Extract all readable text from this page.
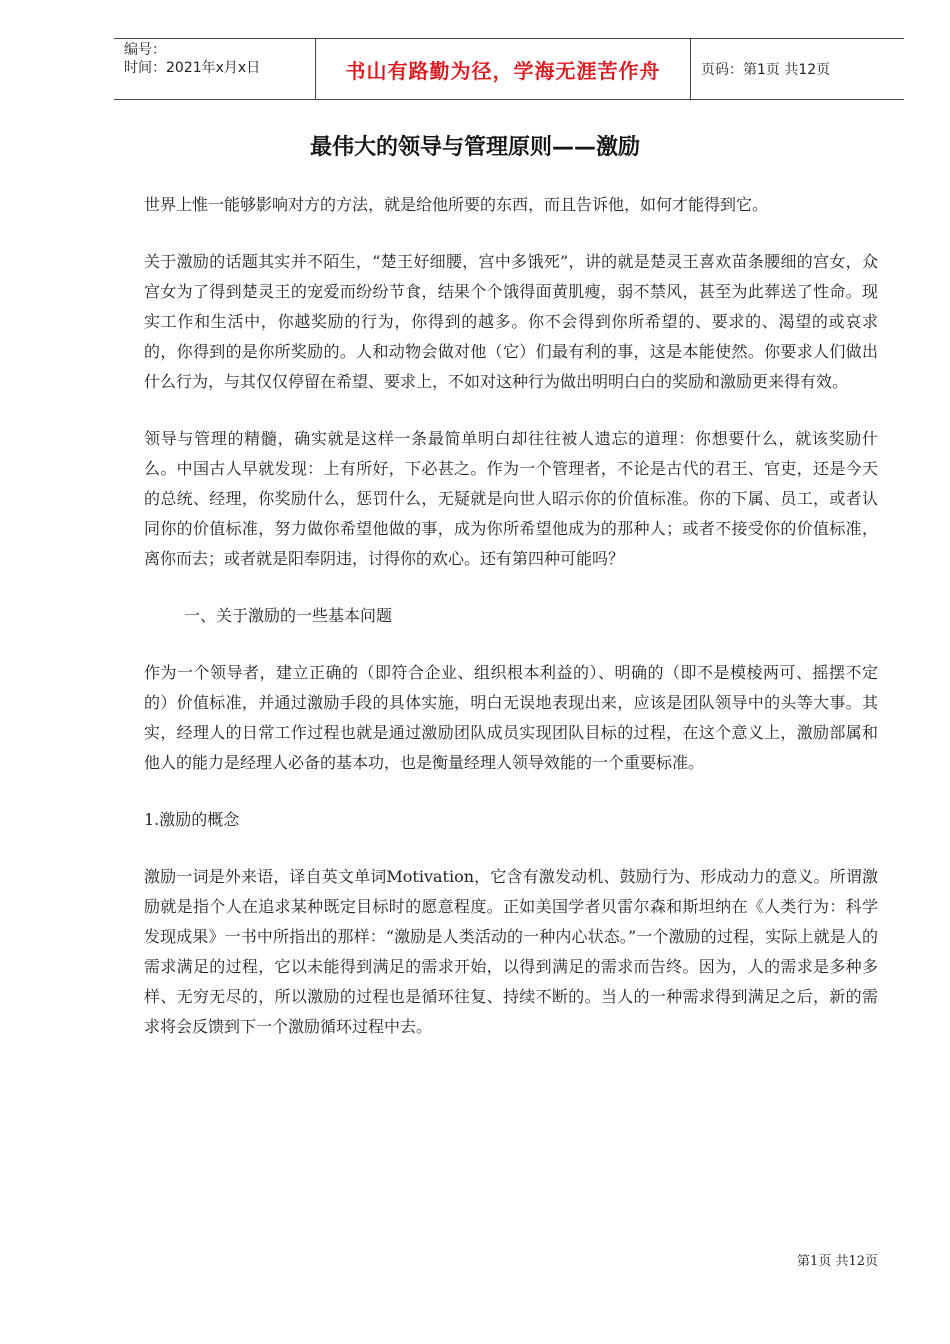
编号：
时间：2021年x月x日	书山有路勤为径，学海无涯苦作舟	页码：第1页 共12页
最伟大的领导与管理原则——激励

世界上惟一能够影响对方的方法，就是给他所要的东西，而且告诉他，如何才能得到它。

关于激励的话题其实并不陌生，“楚王好细腰，宫中多饿死”，讲的就是楚灵王喜欢苗条腰细的宫女，众宫女为了得到楚灵王的宠爱而纷纷节食，结果个个饿得面黄肌瘦，弱不禁风，甚至为此葬送了性命。现实工作和生活中，你越奖励的行为，你得到的越多。你不会得到你所希望的、要求的、渴望的或哀求的，你得到的是你所奖励的。人和动物会做对他（它）们最有利的事，这是本能使然。你要求人们做出什么行为，与其仅仅停留在希望、要求上，不如对这种行为做出明明白白的奖励和激励更来得有效。

领导与管理的精髓，确实就是这样一条最简单明白却往往被人遗忘的道理：你想要什么，就该奖励什么。中国古人早就发现：上有所好，下必甚之。作为一个管理者，不论是古代的君王、官吏，还是今天的总统、经理，你奖励什么，惩罚什么，无疑就是向世人昭示你的价值标准。你的下属、员工，或者认同你的价值标准，努力做你希望他做的事，成为你所希望他成为的那种人；或者不接受你的价值标准，离你而去；或者就是阳奉阴违，讨得你的欢心。还有第四种可能吗？

一、关于激励的一些基本问题

作为一个领导者，建立正确的（即符合企业、组织根本利益的）、明确的（即不是模棱两可、摇摆不定的）价值标准，并通过激励手段的具体实施，明白无误地表现出来，应该是团队领导中的头等大事。其实，经理人的日常工作过程也就是通过激励团队成员实现团队目标的过程，在这个意义上，激励部属和他人的能力是经理人必备的基本功，也是衡量经理人领导效能的一个重要标准。

1.激励的概念

激励一词是外来语，译自英文单词Motivation，它含有激发动机、鼓励行为、形成动力的意义。所谓激励就是指个人在追求某种既定目标时的愿意程度。正如美国学者贝雷尔森和斯坦纳在《人类行为：科学发现成果》一书中所指出的那样：“激励是人类活动的一种内心状态。”一个激励的过程，实际上就是人的需求满足的过程，它以未能得到满足的需求开始，以得到满足的需求而告终。因为，人的需求是多种多样、无穷无尽的，所以激励的过程也是循环往复、持续不断的。当人的一种需求得到满足之后，新的需求将会反馈到下一个激励循环过程中去。

第1页 共12页
